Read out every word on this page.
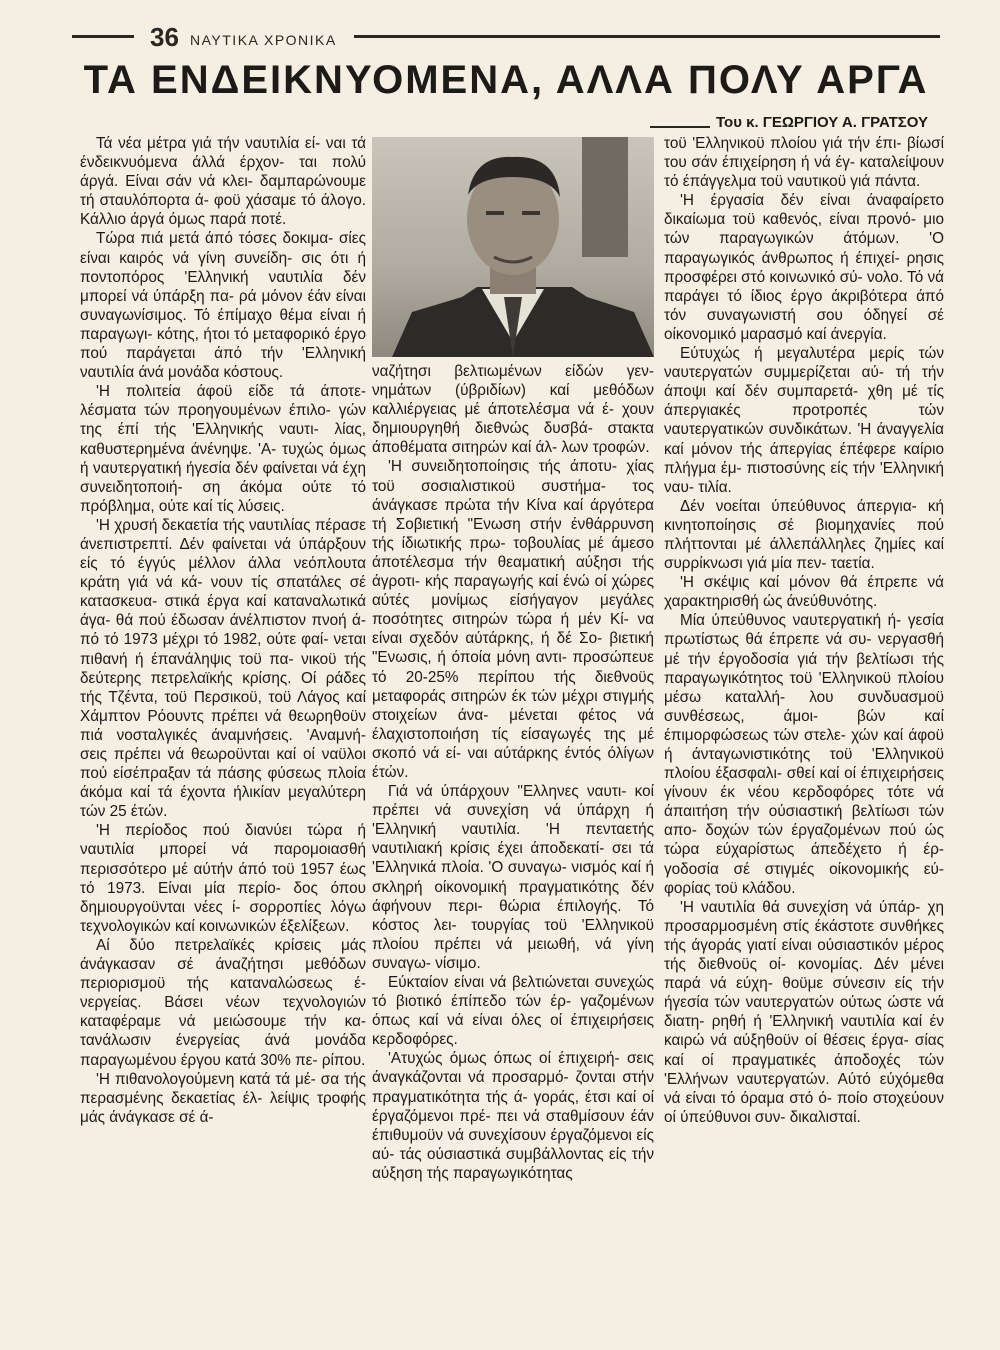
36 ΝΑΥΤΙΚΑ ΧΡΟΝΙΚΑ
ΤΑ ΕΝΔΕΙΚΝΥΟΜΕΝΑ, ΑΛΛΑ ΠΟΛΥ ΑΡΓΑ
Του κ. ΓΕΩΡΓΙΟΥ Α. ΓΡΑΤΣΟΥ

Τά νέα μέτρα γιά τήν ναυτιλία εί- ναι τά ένδεικνυόμενα άλλά έρχον- ται πολύ άργά. Είναι σάν νά κλει- δαμπαρώνουμε τή σταυλόπορτα ά- φοϋ χάσαμε τό άλογο. Κάλλιο άργά όμως παρά ποτέ.

Τώρα πιά μετά άπό τόσες δοκιμα- σίες είναι καιρός νά γίνη συνείδη- σις ότι ή ποντοπόρος 'Ελληνική ναυτιλία δέν μπορεί νά ύπάρξη πα- ρά μόνον έάν είναι συναγωνίσιμος. Τό έπίμαχο θέμα είναι ή παραγωγι- κότης, ήτοι τό μεταφορικό έργο πού παράγεται άπό τήν 'Ελληνική ναυτιλία άνά μονάδα κόστους.

'Η πολιτεία άφοϋ είδε τά άποτε- λέσματα τών προηγουμένων έπιλο- γών της έπί τής 'Ελληνικής ναυτι- λίας, καθυστερημένα άνένηψε. 'Α- τυχώς όμως ή ναυτεργατική ήγεσία δέν φαίνεται νά έχη συνειδητοποιή- ση άκόμα ούτε τό πρόβλημα, ούτε καί τίς λύσεις.

'Η χρυσή δεκαετία τής ναυτιλίας πέρασε άνεπιστρεπτί. Δέν φαίνεται νά ύπάρξουν είς τό έγγύς μέλλον άλλα νεόπλουτα κράτη γιά νά κά- νουν τίς σπατάλες σέ κατασκευα- στικά έργα καί καταναλωτικά άγα- θά πού έδωσαν άνέλπιστον πνοή ά- πό τό 1973 μέχρι τό 1982, ούτε φαί- νεται πιθανή ή έπανάληψις τοϋ πα- νικοϋ τής δεύτερης πετρελαϊκής κρίσης. Οί ράδες τής Τζέντα, τοϋ Περσικοϋ, τοϋ Λάγος καί Χάμπτον Ρόουντς πρέπει νά θεωρηθοϋν πιά νοσταλγικές άναμνήσεις. 'Αναμνή- σεις πρέπει νά θεωροϋνται καί οί ναϋλοι πού είσέπραξαν τά πάσης φύσεως πλοία άκόμα καί τά έχοντα ήλικίαν μεγαλύτερη τών 25 έτών.

'Η περίοδος πού διανύει τώρα ή ναυτιλία μπορεί νά παρομοιασθή περισσότερο μέ αύτήν άπό τοϋ 1957 έως τό 1973. Είναι μία περίο- δος όπου δημιουργοϋνται νέες ί- σορροπίες λόγω τεχνολογικών καί κοινωνικών έξελίξεων.

Αί δύο πετρελαϊκές κρίσεις μάς άνάγκασαν σέ άναζήτησι μεθόδων περιορισμοϋ τής καταναλώσεως έ- νεργείας. Βάσει νέων τεχνολογιών καταφέραμε νά μειώσουμε τήν κα- τανάλωσιν ένεργείας άνά μονάδα παραγωμένου έργου κατά 30% πε- ρίπου.

'Η πιθανολογούμενη κατά τά μέ- σα τής περασμένης δεκαετίας έλ- λείψις τροφής μάς άνάγκασε σέ ά-

ναζήτησι βελτιωμένων είδών γεν- νημάτων (ύβριδίων) καί μεθόδων καλλιέργειας μέ άποτελέσμα νά έ- χουν δημιουργηθή διεθνώς δυσβά- στακτα άποθέματα σιτηρών καί άλ- λων τροφών.

'Η συνειδητοποίησις τής άποτυ- χίας τοϋ σοσιαλιστικοϋ συστήμα- τος άνάγκασε πρώτα τήν Κίνα καί άργότερα τή Σοβιετική "Ενωση στήν ένθάρρυνση τής ίδιωτικής πρω- τοβουλίας μέ άμεσο άποτέλεσμα τήν θεαματική αύξησι τής άγροτι- κής παραγωγής καί ένώ οί χώρες αύτές μονίμως είσήγαγον μεγάλες ποσότητες σιτηρών τώρα ή μέν Κί- να είναι σχεδόν αύτάρκης, ή δέ Σο- βιετική "Ενωσις, ή όποία μόνη αντι- προσώπευε τό 20-25% περίπου τής διεθνοϋς μεταφοράς σιτηρών έκ τών μέχρι στιγμής στοιχείων άνα- μένεται φέτος νά έλαχιστοποιήση τίς είσαγωγές της μέ σκοπό νά εί- ναι αύτάρκης έντός όλίγων έτών.

Γιά νά ύπάρχουν "Ελληνες ναυτι- κοί πρέπει νά συνεχίση νά ύπάρχη ή 'Ελληνική ναυτιλία. 'Η πενταετής ναυτιλιακή κρίσις έχει άποδεκατί- σει τά 'Ελληνικά πλοία. 'Ο συναγω- νισμός καί ή σκληρή οίκονομική πραγματικότης δέν άφήνουν περι- θώρια έπιλογής. Τό κόστος λει- τουργίας τοϋ 'Ελληνικοϋ πλοίου πρέπει νά μειωθή, νά γίνη συναγω- νίσιμο.

Εύκταίον είναι νά βελτιώνεται συνεχώς τό βιοτικό έπίπεδο τών έρ- γαζομένων όπως καί νά είναι όλες οί έπιχειρήσεις κερδοφόρες.

'Ατυχώς όμως όπως οί έπιχειρή- σεις άναγκάζονται νά προσαρμό- ζονται στήν πραγματικότητα τής ά- γοράς, έτσι καί οί έργαζόμενοι πρέ- πει νά σταθμίσουν έάν έπιθυμοϋν νά συνεχίσουν έργαζόμενοι είς αύ- τάς ούσιαστικά συμβάλλοντας είς τήν αύξηση τής παραγωγικότητας

τοϋ 'Ελληνικοϋ πλοίου γιά τήν έπι- βίωσί του σάν έπιχείρηση ή νά έγ- καταλείψουν τό έπάγγελμα τοϋ ναυτικοϋ γιά πάντα.

'Η έργασία δέν είναι άναφαίρετο δικαίωμα τοϋ καθενός, είναι προνό- μιο τών παραγωγικών άτόμων. 'Ο παραγωγικός άνθρωπος ή έπιχεί- ρησις προσφέρει στό κοινωνικό σύ- νολο. Τό νά παράγει τό ίδιος έργο άκριβότερα άπό τόν συναγωνιστή σου όδηγεί σέ οίκονομικό μαρασμό καί άνεργία.

Εύτυχώς ή μεγαλυτέρα μερίς τών ναυτεργατών συμμερίζεται αύ- τή τήν άποψι καί δέν συμπαρετά- χθη μέ τίς άπεργιακές προτροπές τών ναυτεργατικών συνδικάτων. 'Η άναγγελία καί μόνον τής άπεργίας έπέφερε καίριο πλήγμα έμ- πιστοσύνης είς τήν 'Ελληνική ναυ- τιλία.

Δέν νοείται ύπεύθυνος άπεργια- κή κινητοποίησις σέ βιομηχανίες πού πλήττονται μέ άλλεπάλληλες ζημίες καί συρρίκνωσι γιά μία πεν- ταετία.

'Η σκέψις καί μόνον θά έπρεπε νά χαρακτηρισθή ώς άνεύθυνότης.

Μία ύπεύθυνος ναυτεργατική ή- γεσία πρωτίστως θά έπρεπε νά συ- νεργασθή μέ τήν έργοδοσία γιά τήν βελτίωσι τής παραγωγικότητος τοϋ 'Ελληνικοϋ πλοίου μέσω καταλλή- λου συνδυασμοϋ συνθέσεως, άμοι- βών καί έπιμορφώσεως τών στελε- χών καί άφοϋ ή άνταγωνιστικότης τοϋ 'Ελληνικοϋ πλοίου έξασφαλι- σθεί καί οί έπιχειρήσεις γίνουν έκ νέου κερδοφόρες τότε νά άπαιτήση τήν ούσιαστική βελτίωσι τών απο- δοχών τών έργαζομένων πού ώς τώρα εύχαρίστως άπεδέχετο ή έρ- γοδοσία σέ στιγμές οίκονομικής εύ- φορίας τοϋ κλάδου.

'Η ναυτιλία θά συνεχίση νά ύπάρ- χη προσαρμοσμένη στίς έκάστοτε συνθήκες τής άγοράς γιατί είναι ούσιαστικόν μέρος τής διεθνοϋς οί- κονομίας. Δέν μένει παρά νά εύχη- θοϋμε σύνεσιν είς τήν ήγεσία τών ναυτεργατών ούτως ώστε νά διατη- ρηθή ή 'Ελληνική ναυτιλία καί έν καιρώ νά αύξηθοϋν οί θέσεις έργα- σίας καί οί πραγματικές άποδοχές τών 'Ελλήνων ναυτεργατών. Αύτό εύχόμεθα νά είναι τό όραμα στό ό- ποίο στοχεύουν οί ύπεύθυνοι συν- δικαλισταί.
